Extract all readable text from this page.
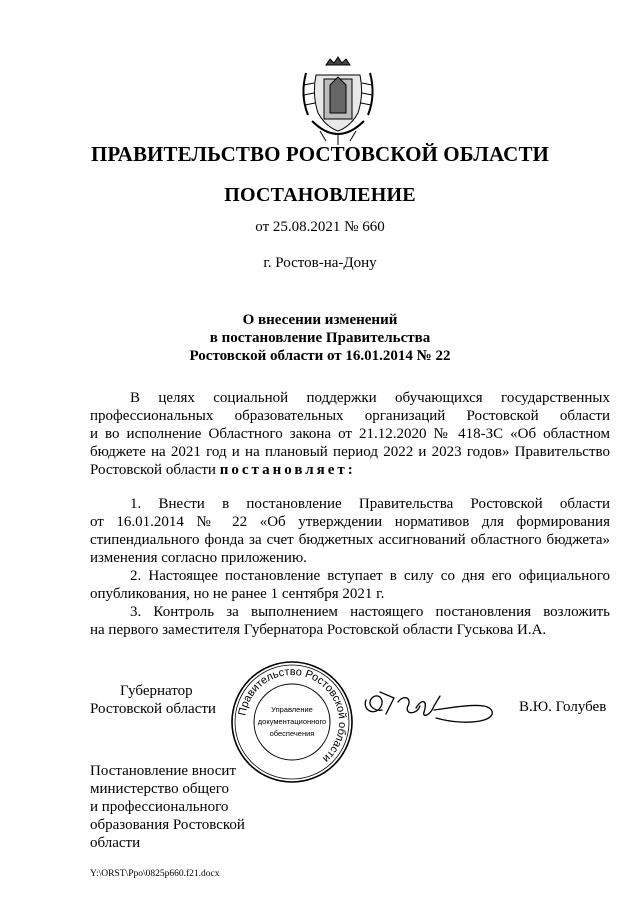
ПРАВИТЕЛЬСТВО РОСТОВСКОЙ ОБЛАСТИ
ПОСТАНОВЛЕНИЕ
от 25.08.2021 № 660
г. Ростов-на-Дону
О внесении изменений
в постановление Правительства
Ростовской области от 16.01.2014 № 22
В целях социальной поддержки обучающихся государственных
профессиональных образовательных организаций Ростовской области
и во исполнение Областного закона от 21.12.2020 № 418-ЗС «Об областном
бюджете на 2021 год и на плановый период 2022 и 2023 годов» Правительство
Ростовской области постановляет:
1. Внести в постановление Правительства Ростовской области
от 16.01.2014 № 22 «Об утверждении нормативов для формирования
стипендиального фонда за счет бюджетных ассигнований областного бюджета»
изменения согласно приложению.
2. Настоящее постановление вступает в силу со дня его официального
опубликования, но не ранее 1 сентября 2021 г.
3. Контроль за выполнением настоящего постановления возложить
на первого заместителя Губернатора Ростовской области Гуськова И.А.
Губернатор
Ростовской области Правительство Ростовской области
Управление
документационного
обеспечения
В.Ю. Голубев
Постановление вносит
министерство общего
и профессионального
образования Ростовской
области
Y:\ORST\Ppo\0825p660.f21.docx
